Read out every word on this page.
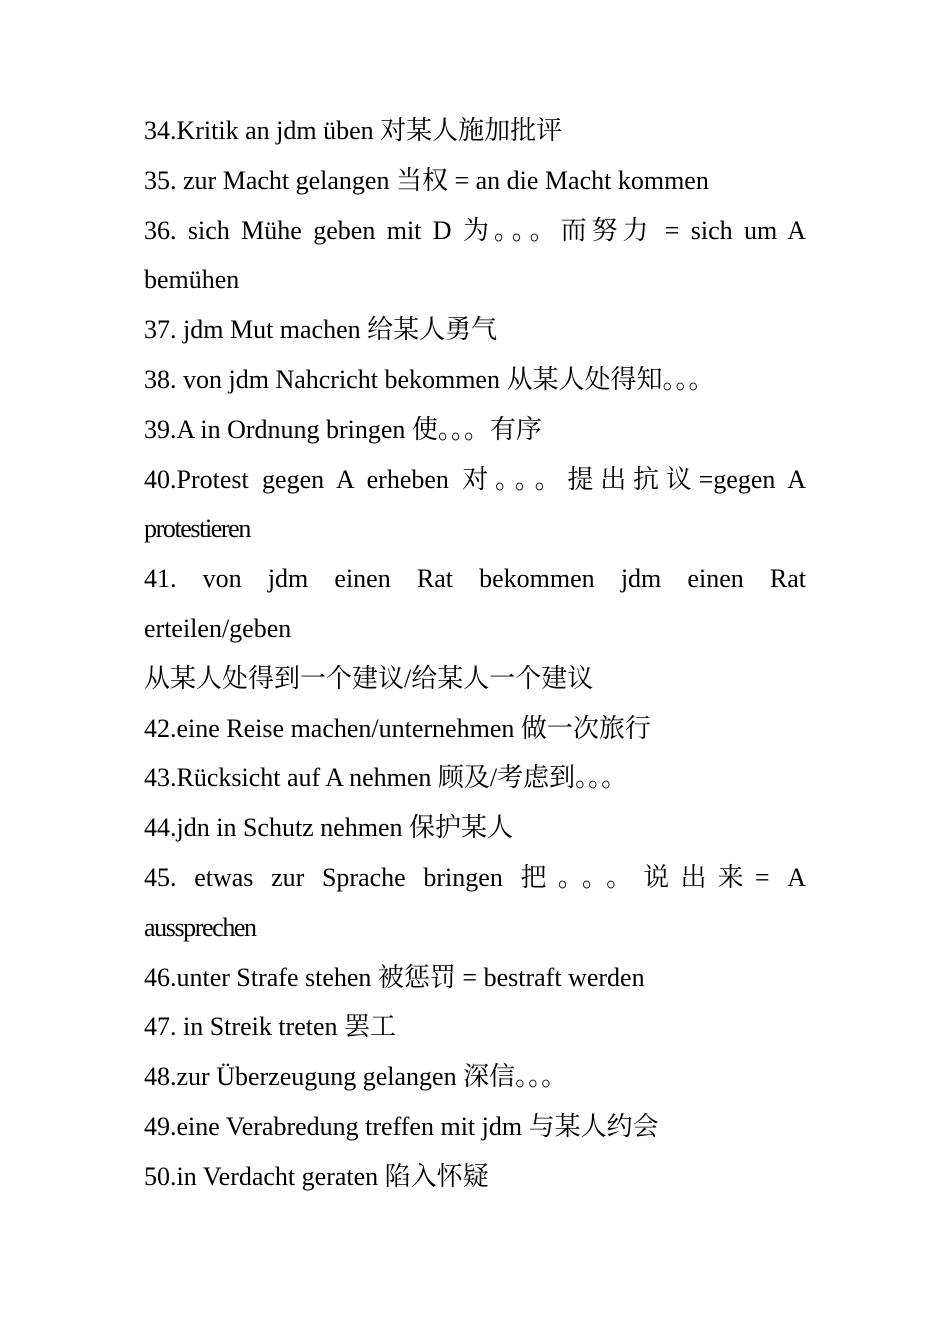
34.Kritik an jdm üben 对某人施加批评
35. zur Macht gelangen 当权 = an die Macht kommen
36. sich Mühe geben mit D 为。。。而努力 = sich um A
bemühen
37. jdm Mut machen 给某人勇气
38. von jdm Nahcricht bekommen 从某人处得知。。。
39.A in Ordnung bringen 使。。。有序
40.Protest gegen A erheben 对。。。提出抗议=gegen A
protestieren
41. von jdm einen Rat bekommen jdm einen Rat
erteilen/geben
从某人处得到一个建议/给某人一个建议
42.eine Reise machen/unternehmen 做一次旅行
43.Rücksicht auf A nehmen 顾及/考虑到。。。
44.jdn in Schutz nehmen 保护某人
45. etwas zur Sprache bringen 把。。。说出来= A
aussprechen
46.unter Strafe stehen 被惩罚 = bestraft werden
47. in Streik treten 罢工
48.zur Überzeugung gelangen 深信。。。
49.eine Verabredung treffen mit jdm 与某人约会
50.in Verdacht geraten 陷入怀疑
